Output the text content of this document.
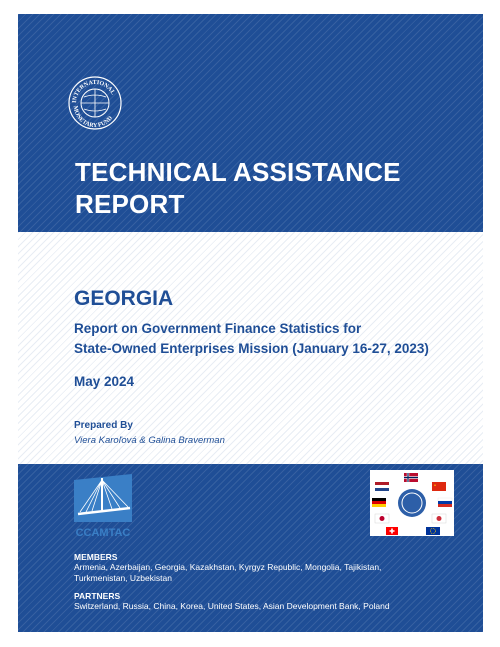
INTERNATIONAL
MONETARY FUND
TECHNICAL ASSISTANCE
REPORT
GEORGIA
Report on Government Finance Statistics for
State-Owned Enterprises Mission (January 16-27, 2023)

May 2024

Prepared By
Viera Karoľová & Galina Braverman
CCAMTAC
MEMBERS
Armenia, Azerbaijan, Georgia, Kazakhstan, Kyrgyz Republic, Mongolia, Tajikistan, Turkmenistan, Uzbekistan
PARTNERS
Switzerland, Russia, China, Korea, United States, Asian Development Bank, Poland
